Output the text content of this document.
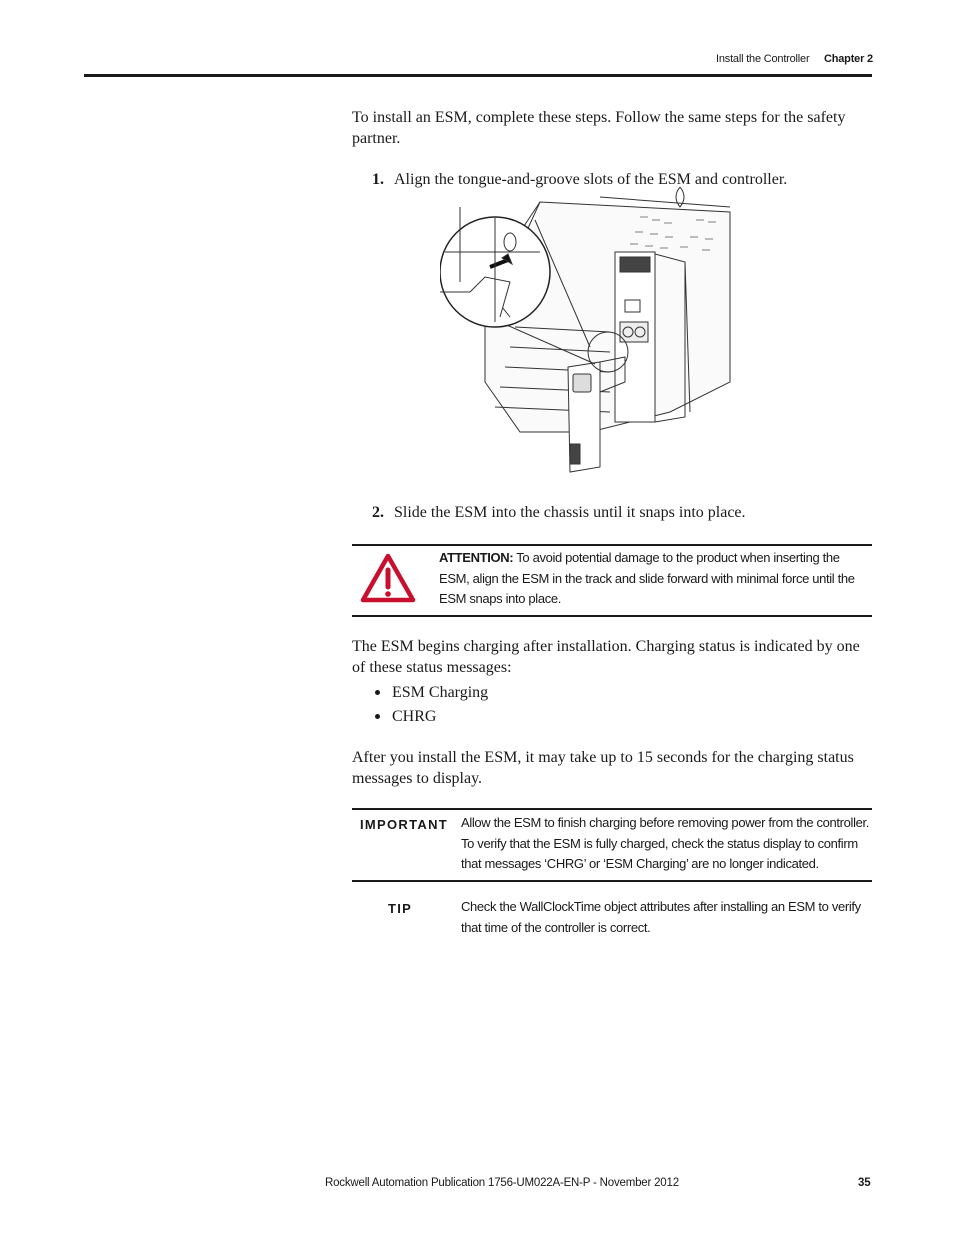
Install the Controller Chapter 2
To install an ESM, complete these steps. Follow the same steps for the safety partner.
1. Align the tongue-and-groove slots of the ESM and controller.
2. Slide the ESM into the chassis until it snaps into place.
ATTENTION: To avoid potential damage to the product when inserting the ESM, align the ESM in the track and slide forward with minimal force until the ESM snaps into place.
The ESM begins charging after installation. Charging status is indicated by one of these status messages:
ESM Charging
CHRG
After you install the ESM, it may take up to 15 seconds for the charging status messages to display.
IMPORTANT Allow the ESM to finish charging before removing power from the controller. To verify that the ESM is fully charged, check the status display to confirm that messages ‘CHRG’ or ‘ESM Charging’ are no longer indicated.
TIP	Check the WallClockTime object attributes after installing an ESM to verify that time of the controller is correct.
Rockwell Automation Publication 1756-UM022A-EN-P - November 2012	35
